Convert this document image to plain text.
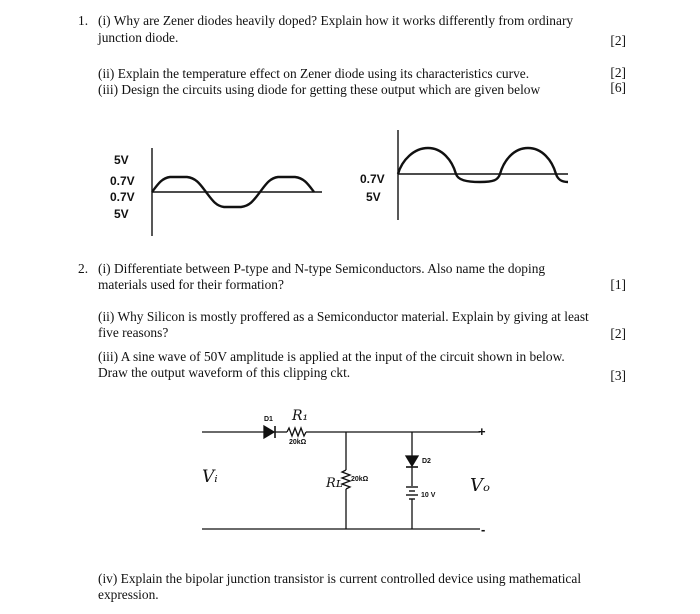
1. (i) Why are Zener diodes heavily doped? Explain how it works differently from ordinary
junction diode.	[2]
(ii) Explain the temperature effect on Zener diode using its characteristics curve.	[2]
(iii) Design the circuits using diode for getting these output which are given below	[6]
5V
0.7V
0.7V
5V
0.7V
5V
D1 R₁
20kΩ
20kΩ
Rʟ
D2
10 V
Vᵢ	Vₒ
+
-
2. (i) Differentiate between P-type and N-type Semiconductors. Also name the doping
materials used for their formation?	[1]
(ii) Why Silicon is mostly proffered as a Semiconductor material. Explain by giving at least
five reasons?	[2]
(iii) A sine wave of 50V amplitude is applied at the input of the circuit shown in below.
Draw the output waveform of this clipping ckt.	[3]
(iv) Explain the bipolar junction transistor is current controlled device using mathematical
expression.
